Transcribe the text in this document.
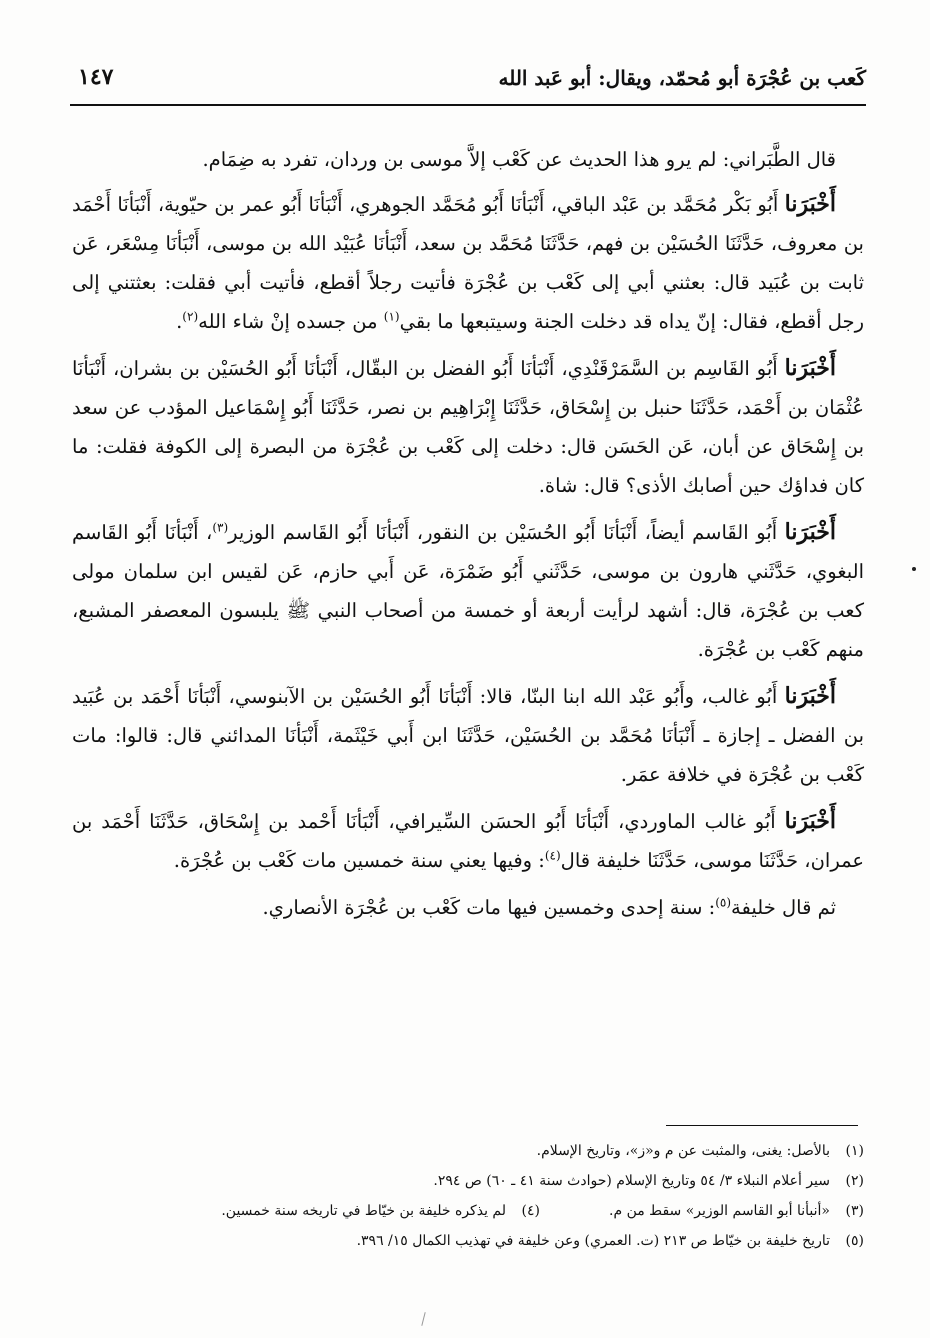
كَعب بن عُجْرَة أبو مُحمّد، ويقال: أبو عَبد الله
١٤٧

قال الطَّبَراني: لم يرو هذا الحديث عن كَعْب إلاَّ موسى بن وردان، تفرد به ضِمَام.

أَخْبَرَنا أَبُو بَكْر مُحَمَّد بن عَبْد الباقي، أَنْبَأنَا أَبُو مُحَمَّد الجوهري، أَنْبَأنَا أَبُو عمر بن حيّوية، أَنْبَأنَا أَحْمَد بن معروف، حَدَّثَنَا الحُسَيْن بن فهم، حَدَّثَنَا مُحَمَّد بن سعد، أَنْبَأنَا عُبَيْد الله بن موسى، أَنْبَأنَا مِسْعَر، عَن ثابت بن عُبَيد قال: بعثني أبي إلى كَعْب بن عُجْرَة فأتيت رجلاً أقطع، فأتيت أبي فقلت: بعثتني إلى رجل أقطع، فقال: إنّ يداه قد دخلت الجنة وسيتبعها ما بقي$^{(١)}$ من جسده إنْ شاء الله$^{(٢)}$.

أَخْبَرَنا أَبُو القَاسِم بن السَّمَرْقَنْدِي، أَنْبَأنَا أَبُو الفضل بن البقّال، أَنْبَأنَا أَبُو الحُسَيْن بن بشران، أَنْبَأنَا عُثْمَان بن أَحْمَد، حَدَّثَنَا حنبل بن إِسْحَاق، حَدَّثَنَا إِبْرَاهِيم بن نصر، حَدَّثَنَا أَبُو إِسْمَاعيل المؤدب عن سعد بن إِسْحَاق عن أبان، عَن الحَسَن قال: دخلت إلى كَعْب بن عُجْرَة من البصرة إلى الكوفة فقلت: ما كان فداؤك حين أصابك الأذى؟ قال: شاة.

أَخْبَرَنا أَبُو القَاسم أيضاً، أَنْبَأنَا أَبُو الحُسَيْن بن النقور، أَنْبَأنَا أَبُو القَاسم الوزير$^{(٣)}$، أَنْبَأنَا أَبُو القَاسم البغوي، حَدَّثَني هارون بن موسى، حَدَّثَني أَبُو ضَمْرَة، عَن أَبي حازم، عَن لقيس ابن سلمان مولى كعب بن عُجْرَة، قال: أشهد لرأيت أربعة أو خمسة من أصحاب النبي ﷺ يلبسون المعصفر المشبع، منهم كَعْب بن عُجْرَة.

أَخْبَرَنا أَبُو غالب، وأَبُو عَبْد الله ابنا البنّا، قالا: أَنْبَأنَا أَبُو الحُسَيْن بن الآبنوسي، أَنْبَأنَا أَحْمَد بن عُبَيد بن الفضل ـ إجازة ـ أَنْبَأنَا مُحَمَّد بن الحُسَيْن، حَدَّثَنَا ابن أَبي خَيْثَمة، أَنْبَأنَا المدائني قال: قالوا: مات كَعْب بن عُجْرَة في خلافة عمَر.

أَخْبَرَنا أَبُو غالب الماوردي، أَنْبَأنَا أَبُو الحسَن السِّيرافي، أَنْبَأنَا أَحْمد بن إِسْحَاق، حَدَّثَنَا أَحْمَد بن عمران، حَدَّثَنَا موسى، حَدَّثَنَا خليفة قال$^{(٤)}$: وفيها يعني سنة خمسين مات كَعْب بن عُجْرَة.

ثم قال خليفة$^{(٥)}$: سنة إحدى وخمسين فيها مات كَعْب بن عُجْرَة الأنصاري.

(١)
بالأصل: يغنى، والمثبت عن م و«ز»، وتاريخ الإسلام.
(٢)
سير أعلام النبلاء ٣/ ٥٤ وتاريخ الإسلام (حوادث سنة ٤١ ـ ٦٠) ص ٢٩٤.
(٣)
«أنبأنا أبو القاسم الوزير» سقط من م.
(٤)
لم يذكره خليفة بن خيّاط في تاريخه سنة خمسين.
(٥)
تاريخ خليفة بن خيّاط ص ٢١٣ (ت. العمري) وعن خليفة في تهذيب الكمال ١٥/ ٣٩٦.
